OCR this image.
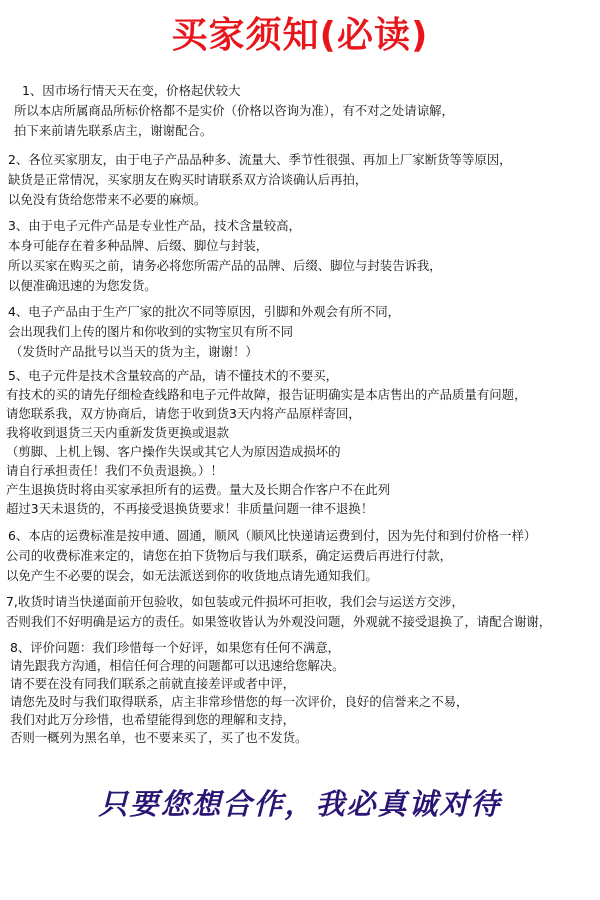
买家须知(必读)
1、因市场行情天天在变，价格起伏较大
所以本店所属商品所标价格都不是实价（价格以咨询为准），有不对之处请谅解，
拍下来前请先联系店主，谢谢配合。
2、各位买家朋友，由于电子产品品种多、流量大、季节性很强、再加上厂家断货等等原因，
缺货是正常情况，买家朋友在购买时请联系双方洽谈确认后再拍，
以免没有货给您带来不必要的麻烦。
3、由于电子元件产品是专业性产品，技术含量较高，
本身可能存在着多种品牌、后缀、脚位与封装，
所以买家在购买之前，请务必将您所需产品的品牌、后缀、脚位与封装告诉我，
以便准确迅速的为您发货。
4、电子产品由于生产厂家的批次不同等原因，引脚和外观会有所不同，
会出现我们上传的图片和你收到的实物宝贝有所不同
（发货时产品批号以当天的货为主，谢谢！）
5、电子元件是技术含量较高的产品，请不懂技术的不要买，
有技术的买的请先仔细检查线路和电子元件故障，报告证明确实是本店售出的产品质量有问题，
请您联系我，双方协商后，请您于收到货3天内将产品原样寄回，
我将收到退货三天内重新发货更换或退款
（剪脚、上机上锡、客户操作失误或其它人为原因造成损坏的
请自行承担责任！我们不负责退换。）！
产生退换货时将由买家承担所有的运费。量大及长期合作客户不在此列
超过3天未退货的，不再接受退换货要求！非质量问题一律不退换！
6、本店的运费标准是按申通、圆通，顺风（顺风比快递请运费到付，因为先付和到付价格一样）
公司的收费标准来定的，请您在拍下货物后与我们联系，确定运费后再进行付款，
以免产生不必要的误会，如无法派送到你的收货地点请先通知我们。
7,收货时请当快递面前开包验收，如包装或元件损坏可拒收，我们会与运送方交涉，
否则我们不好明确是运方的责任。如果签收皆认为外观没问题，外观就不接受退换了，请配合谢谢，
8、评价问题：我们珍惜每一个好评，如果您有任何不满意，
请先跟我方沟通，相信任何合理的问题都可以迅速给您解决。
请不要在没有同我们联系之前就直接差评或者中评，
请您先及时与我们取得联系，店主非常珍惜您的每一次评价，良好的信誉来之不易，
我们对此万分珍惜，也希望能得到您的理解和支持，
否则一概列为黑名单，也不要来买了，买了也不发货。
只要您想合作，我必真诚对待
